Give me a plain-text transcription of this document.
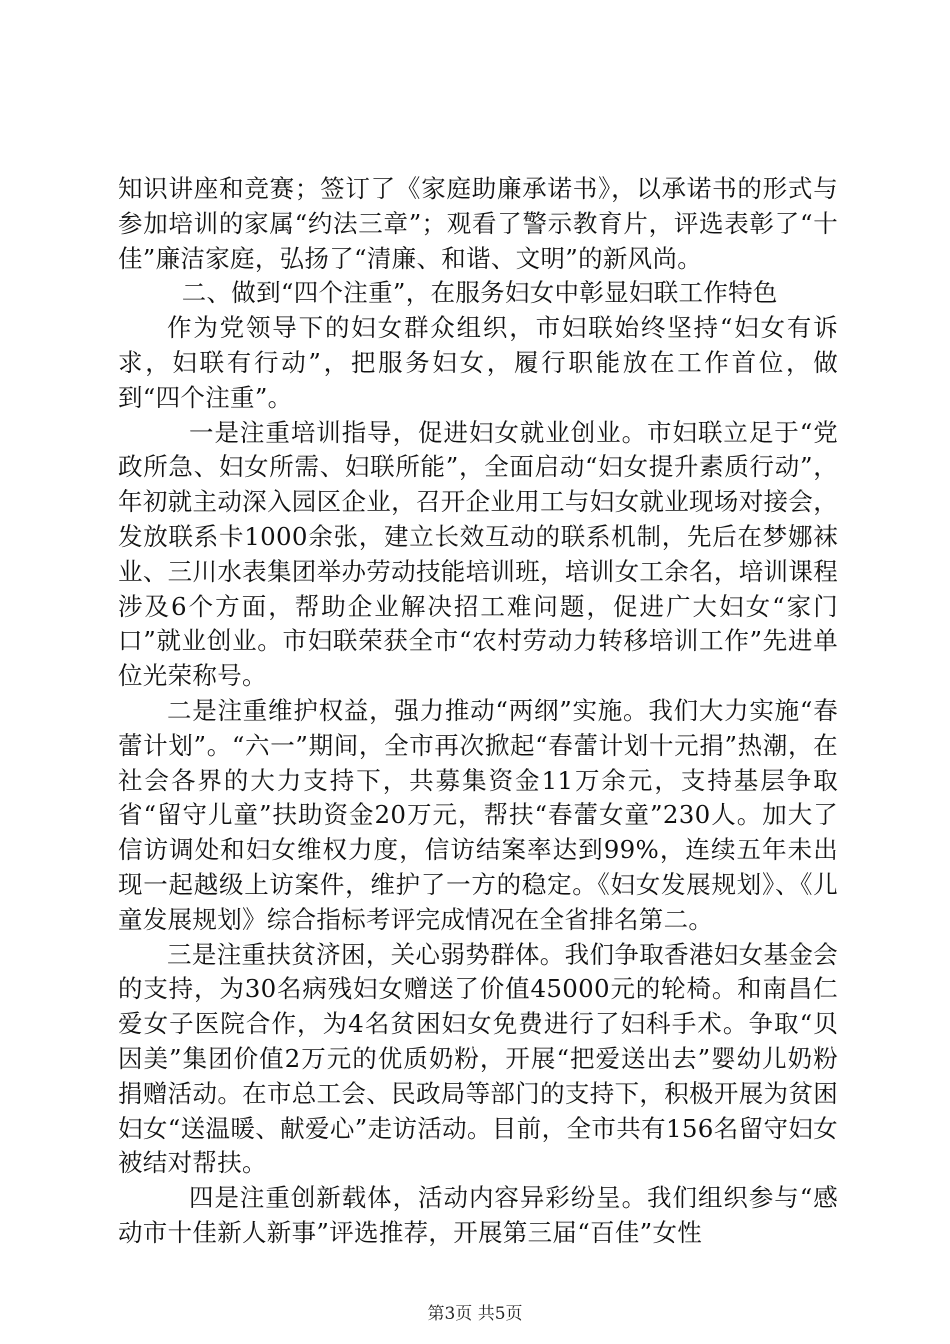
知识讲座和竞赛；签订了《家庭助廉承诺书》，以承诺书的形式与参加培训的家属“约法三章”；观看了警示教育片，评选表彰了“十佳”廉洁家庭，弘扬了“清廉、和谐、文明”的新风尚。

二、做到“四个注重”，在服务妇女中彰显妇联工作特色

作为党领导下的妇女群众组织，市妇联始终坚持“妇女有诉求，妇联有行动”，把服务妇女，履行职能放在工作首位，做到“四个注重”。

一是注重培训指导，促进妇女就业创业。市妇联立足于“党政所急、妇女所需、妇联所能”，全面启动“妇女提升素质行动”，年初就主动深入园区企业，召开企业用工与妇女就业现场对接会，发放联系卡1000余张，建立长效互动的联系机制，先后在梦娜袜业、三川水表集团举办劳动技能培训班，培训女工余名，培训课程涉及6个方面，帮助企业解决招工难问题，促进广大妇女“家门口”就业创业。市妇联荣获全市“农村劳动力转移培训工作”先进单位光荣称号。

二是注重维护权益，强力推动“两纲”实施。我们大力实施“春蕾计划”。“六一”期间，全市再次掀起“春蕾计划十元捐”热潮，在社会各界的大力支持下，共募集资金11万余元，支持基层争取省“留守儿童”扶助资金20万元，帮扶“春蕾女童”230人。加大了信访调处和妇女维权力度，信访结案率达到99%，连续五年未出现一起越级上访案件，维护了一方的稳定。《妇女发展规划》、《儿童发展规划》综合指标考评完成情况在全省排名第二。

三是注重扶贫济困，关心弱势群体。我们争取香港妇女基金会的支持，为30名病残妇女赠送了价值45000元的轮椅。和南昌仁爱女子医院合作，为4名贫困妇女免费进行了妇科手术。争取“贝因美”集团价值2万元的优质奶粉，开展“把爱送出去”婴幼儿奶粉捐赠活动。在市总工会、民政局等部门的支持下，积极开展为贫困妇女“送温暖、献爱心”走访活动。目前，全市共有156名留守妇女被结对帮扶。

四是注重创新载体，活动内容异彩纷呈。我们组织参与“感动市十佳新人新事”评选推荐，开展第三届“百佳”女性

第3页 共5页
